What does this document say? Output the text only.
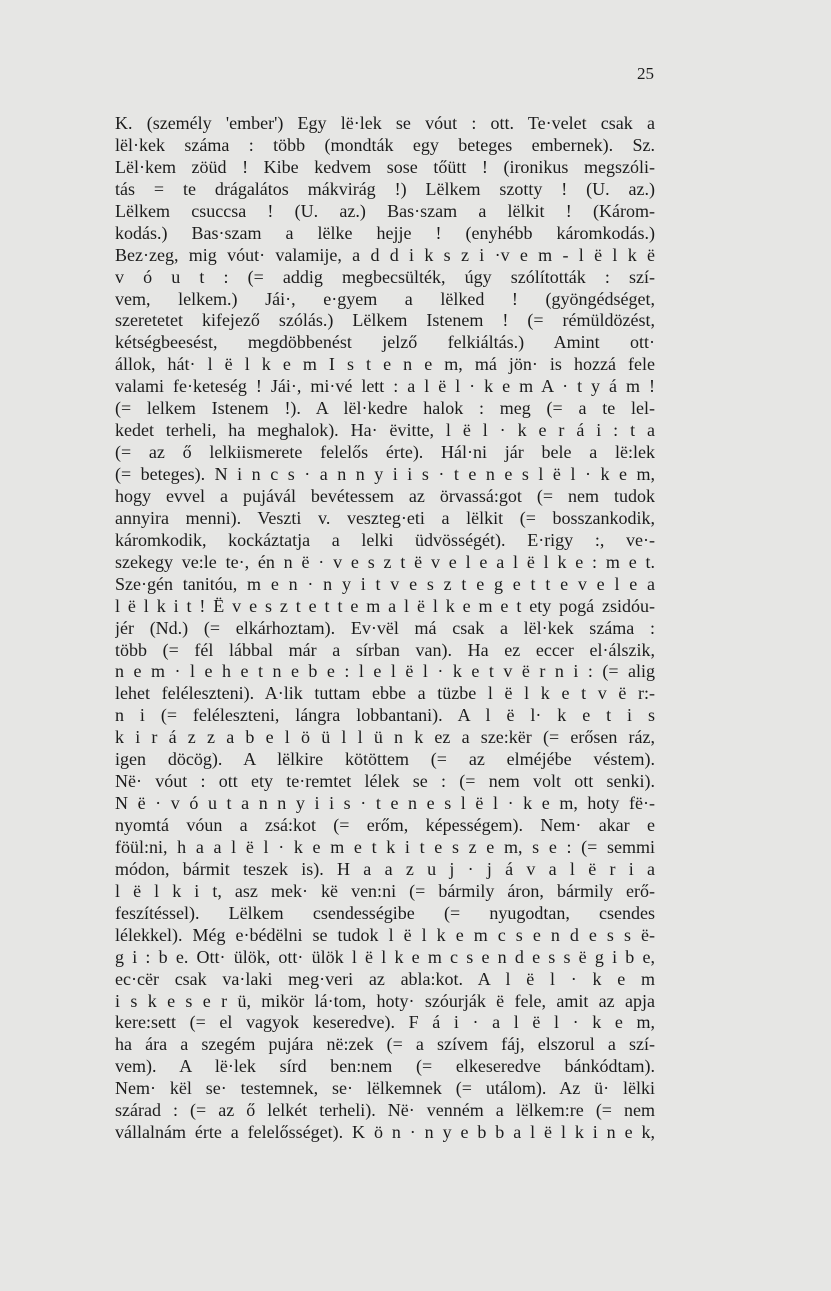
25
K. (személy 'ember') Egy lë·lek se vóut : ott. Te·velet csak a
lël·kek száma : több (mondták egy beteges embernek). Sz.
Lël·kem zöüd ! Kibe kedvem sose tőütt ! (ironikus megszóli-
tás = te drágalátos mákvirág !) Lëlkem szotty ! (U. az.)
Lëlkem csuccsa ! (U. az.) Bas·szam a lëlkit ! (Károm-
kodás.) Bas·szam a lëlke hejje ! (enyhébb káromkodás.)
Bez·zeg, mig vóut· valamije, a d d i k s z i ·v e m - l ë l k ë
v ó u t : (= addig megbecsülték, úgy szólították : szí-
vem, lelkem.) Jái·, e·gyem a lëlked ! (gyöngédséget,
szeretetet kifejező szólás.) Lëlkem Istenem ! (= rémüldözést,
kétségbeesést, megdöbbenést jelző felkiáltás.) Amint ott·
állok, hát· l ë l k e m I s t e n e m, má jön· is hozzá fele
valami fe·keteség ! Jái·, mi·vé lett : a l ë l · k e m A · t y á m !
(= lelkem Istenem !). A lël·kedre halok : meg (= a te lel-
kedet terheli, ha meghalok). Ha· ëvitte, l ë l · k e r á i : t a
(= az ő lelkiismerete felelős érte). Hál·ni jár bele a lë:lek
(= beteges). N i n c s · a n n y i i s · t e n e s l ë l · k e m,
hogy evvel a pujávál bevétessem az örvassá:got (= nem tudok
annyira menni). Veszti v. veszteg·eti a lëlkit (= bosszankodik,
káromkodik, kockáztatja a lelki üdvösségét). E·rigy :, ve·-
szekegy ve:le te·, én n ë · v e s z t ë v e l e a l ë l k e : m e t.
Sze·gén tanitóu, m e n · n y i t v e s z t e g e t t e v e l e a
l ë l k i t ! Ë v e s z t e t t e m a l ë l k e m e t ety pogá zsidóu-
jér (Nd.) (= elkárhoztam). Ev·vël má csak a lël·kek száma :
több (= fél lábbal már a sírban van). Ha ez eccer el·álszik,
n e m · l e h e t n e b e : l e l ë l · k e t v ë r n i : (= alig
lehet feléleszteni). A·lik tuttam ebbe a tüzbe l ë l k e t v ë r:-
n i (= feléleszteni, lángra lobbantani). A l ë l· k e t i s
k i r á z z a b e l ö ü l l ü n k ez a sze:kër (= erősen ráz,
igen döcög). A lëlkire kötöttem (= az elméjébe véstem).
Në· vóut : ott ety te·remtet lélek se : (= nem volt ott senki).
N ë · v ó u t a n n y i i s · t e n e s l ë l · k e m, hoty fë·-
nyomtá vóun a zsá:kot (= erőm, képességem). Nem· akar e
föül:ni, h a a l ë l · k e m e t k i t e s z e m, s e : (= semmi
módon, bármit teszek is). H a a z u j · j á v a l ë r i a
l ë l k i t, asz mek· kë ven:ni (= bármily áron, bármily erő-
feszítéssel). Lëlkem csendességibe (= nyugodtan, csendes
lélekkel). Még e·bédëlni se tudok l ë l k e m c s e n d e s s ë-
g i : b e. Ott· ülök, ott· ülök l ë l k e m c s e n d e s s ë g i b e,
ec·cër csak va·laki meg·veri az abla:kot. A l ë l · k e m
i s k e s e r ü, mikör lá·tom, hoty· szóurják ë fele, amit az apja
kere:sett (= el vagyok keseredve). F á i · a l ë l · k e m,
ha ára a szegém pujára në:zek (= a szívem fáj, elszorul a szí-
vem). A lë·lek sírd ben:nem (= elkeseredve bánkódtam).
Nem· kël se· testemnek, se· lëlkemnek (= utálom). Az ü· lëlki
szárad : (= az ő lelkét terheli). Në· venném a lëlkem:re (= nem
vállalnám érte a felelősséget). K ö n · n y e b b a l ë l k i n e k,
